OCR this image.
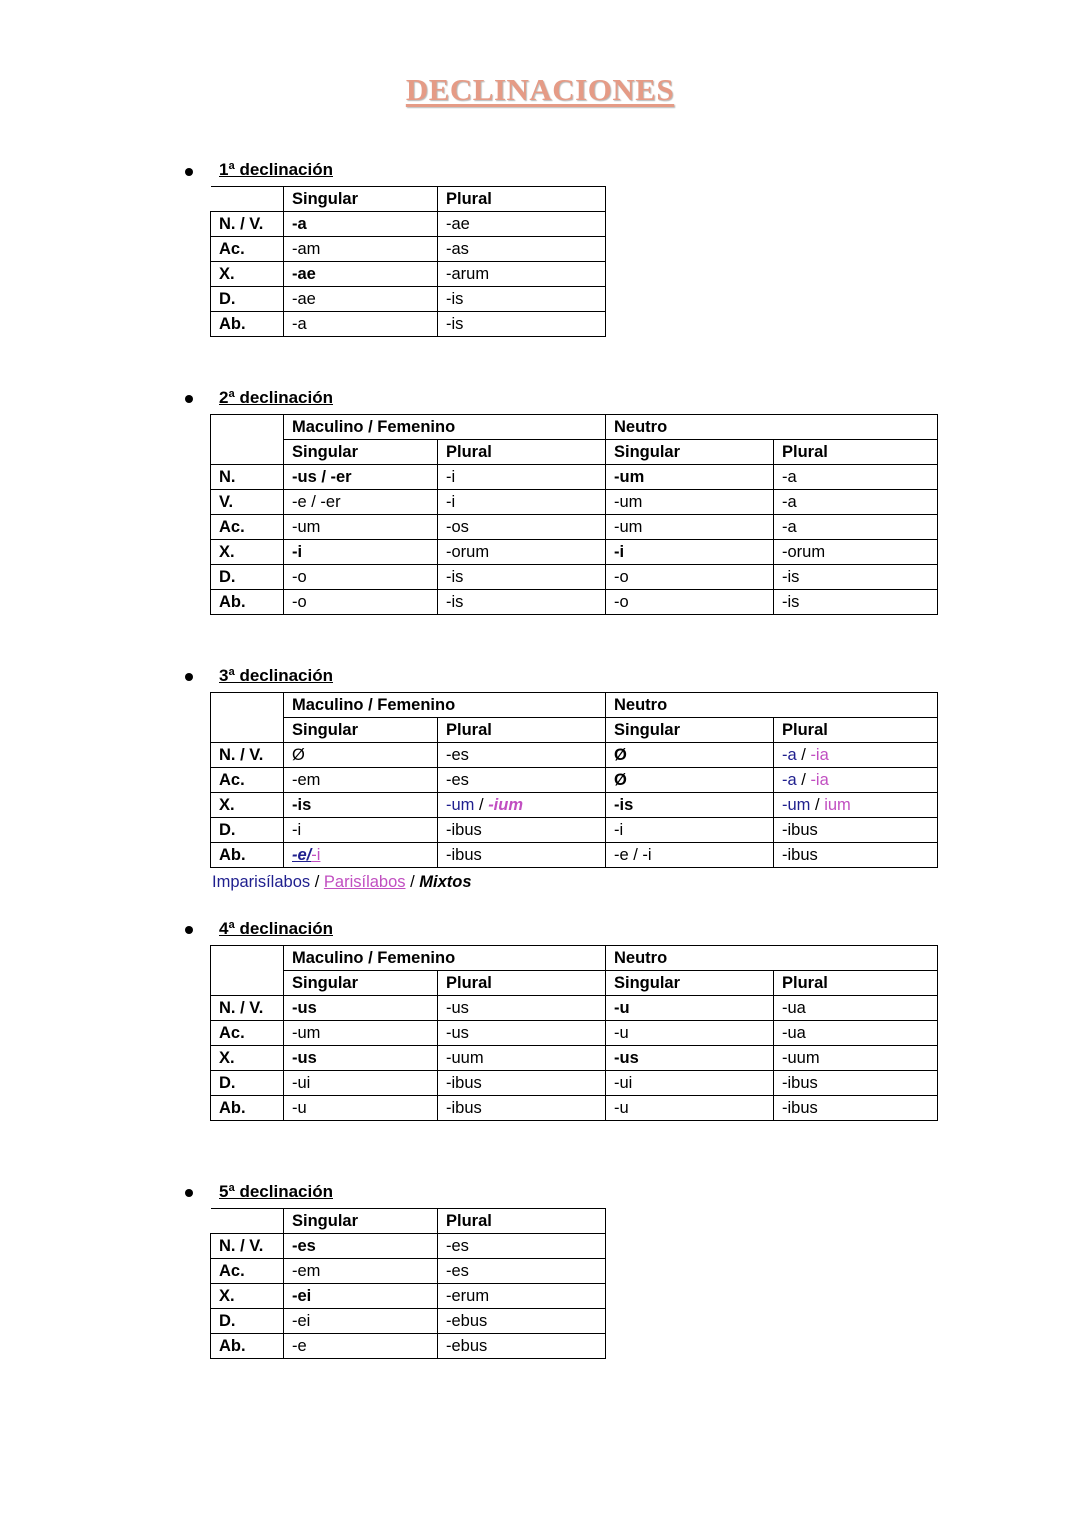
DECLINACIONES
1ª declinación
	Singular	Plural
N. / V.	-a	-ae
Ac.	-am	-as
X.	-ae	-arum
D.	-ae	-is
Ab.	-a	-is
2ª declinación
	Maculino / Femenino		Neutro	
	Singular	Plural	Singular	Plural
N.	-us / -er	-i	-um	-a
V.	-e / -er	-i	-um	-a
Ac.	-um	-os	-um	-a
X.	-i	-orum	-i	-orum
D.	-o	-is	-o	-is
Ab.	-o	-is	-o	-is
3ª declinación
	Maculino / Femenino		Neutro	
	Singular	Plural	Singular	Plural
N. / V.	Ø	-es	Ø	-a / -ia
Ac.	-em	-es	Ø	-a / -ia
X.	-is	-um / -ium	-is	-um / ium
D.	-i	-ibus	-i	-ibus
Ab.	-e/-i	-ibus	-e / -i	-ibus
Imparisílabos / Parisílabos / Mixtos
4ª declinación
	Maculino / Femenino		Neutro	
	Singular	Plural	Singular	Plural
N. / V.	-us	-us	-u	-ua
Ac.	-um	-us	-u	-ua
X.	-us	-uum	-us	-uum
D.	-ui	-ibus	-ui	-ibus
Ab.	-u	-ibus	-u	-ibus
5ª declinación
	Singular	Plural
N. / V.	-es	-es
Ac.	-em	-es
X.	-ei	-erum
D.	-ei	-ebus
Ab.	-e	-ebus
